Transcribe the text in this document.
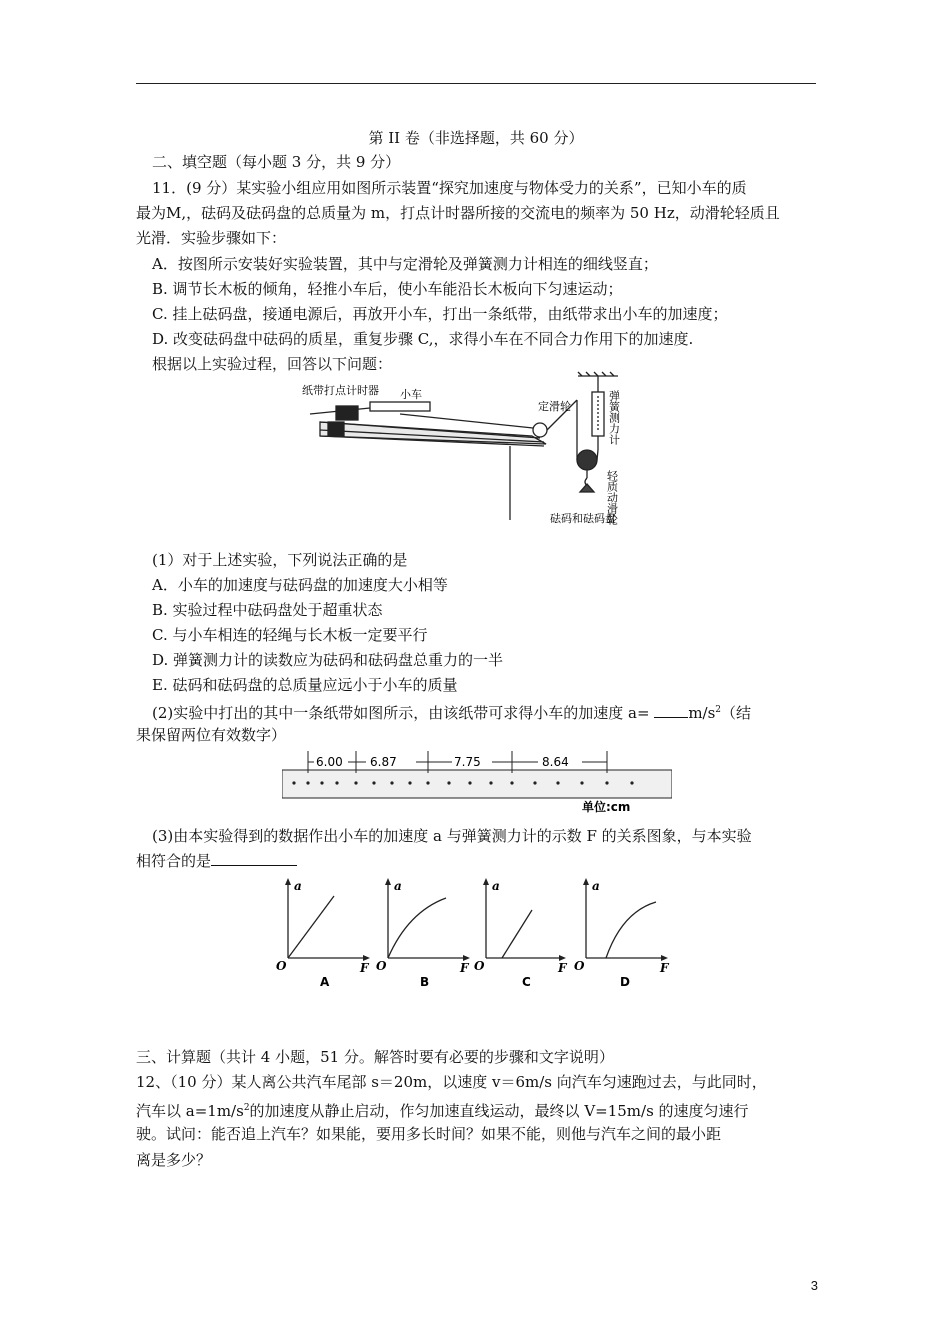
第 II 卷（非选择题，共 60 分）
二、填空题（每小题 3 分，共 9 分）
11．(9 分）某实验小组应用如图所示装置“探究加速度与物体受力的关系”，已知小车的质
最为M,，砝码及砝码盘的总质量为 m，打点计时器所接的交流电的频率为 50 Hz，动滑轮轻质且
光滑．实验步骤如下：
A．按图所示安装好实验装置，其中与定滑轮及弹簧测力计相连的细线竖直；
B. 调节长木板的倾角，轻推小车后，使小车能沿长木板向下匀速运动；
C. 挂上砝码盘，接通电源后，再放开小车，打出一条纸带，由纸带求出小车的加速度；
D. 改变砝码盘中砝码的质星，重复步骤 C,，求得小车在不同合力作用下的加速度.
根据以上实验过程，回答以下问题：
纸带打点计时器 小车
定滑轮	弹簧测力计
轻质动滑轮
砝码和砝码盘
(1）对于上述实验，下列说法正确的是
A．小车的加速度与砝码盘的加速度大小相等
B. 实验过程中砝码盘处于超重状态
C. 与小车相连的轻绳与长木板一定要平行
D. 弹簧测力计的读数应为砝码和砝码盘总重力的一半
E. 砝码和砝码盘的总质量应远小于小车的质量
(2)实验中打出的其中一条纸带如图所示，由该纸带可求得小车的加速度 a=	$m/s^2$（结
果保留两位有效数字）
6.00 6.87	7.75	8.64
单位:cm
(3)由本实验得到的数据作出小车的加速度 a 与弹簧测力计的示数 F 的关系图象，与本实验
相符合的是
a
F
O
a
F
O
a
F
O
a
F
O
A	B	C	D
三、计算题（共计 4 小题，51 分。解答时要有必要的步骤和文字说明）
12、（10 分）某人离公共汽车尾部 s＝20m，以速度 v＝6m/s 向汽车匀速跑过去，与此同时，
汽车以 $a=1m/s^2$的加速度从静止启动，作匀加速直线运动，最终以 V=15m/s 的速度匀速行
驶。试问：能否追上汽车？如果能，要用多长时间？如果不能，则他与汽车之间的最小距
离是多少？
3
